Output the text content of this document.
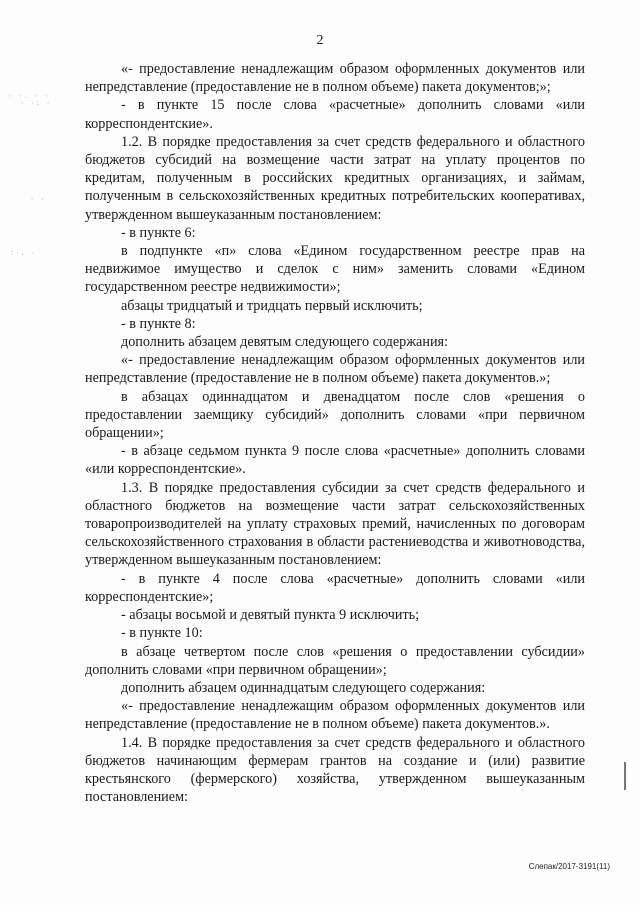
· ·. · ·
· ·: ·
· ·
:·. ·
2

«- предоставление ненадлежащим образом оформленных документов или непредставление (предоставление не в полном объеме) пакета документов;»;

- в пункте 15 после слова «расчетные» дополнить словами «или корреспондентские».

1.2. В порядке предоставления за счет средств федерального и областного бюджетов субсидий на возмещение части затрат на уплату процентов по кредитам, полученным в российских кредитных организациях, и займам, полученным в сельскохозяйственных кредитных потребительских кооперативах, утвержденном вышеуказанным постановлением:

- в пункте 6:

в подпункте «п» слова «Едином государственном реестре прав на недвижимое имущество и сделок с ним» заменить словами «Едином государственном реестре недвижимости»;

абзацы тридцатый и тридцать первый исключить;

- в пункте 8:

дополнить абзацем девятым следующего содержания:

«- предоставление ненадлежащим образом оформленных документов или непредставление (предоставление не в полном объеме) пакета документов.»;

в абзацах одиннадцатом и двенадцатом после слов «решения о предоставлении заемщику субсидий» дополнить словами «при первичном обращении»;

- в абзаце седьмом пункта 9 после слова «расчетные» дополнить словами «или корреспондентские».

1.3. В порядке предоставления субсидии за счет средств федерального и областного бюджетов на возмещение части затрат сельскохозяйственных товаропроизводителей на уплату страховых премий, начисленных по договорам сельскохозяйственного страхования в области растениеводства и животноводства, утвержденном вышеуказанным постановлением:

- в пункте 4 после слова «расчетные» дополнить словами «или корреспондентские»;

- абзацы восьмой и девятый пункта 9 исключить;

- в пункте 10:

в абзаце четвертом после слов «решения о предоставлении субсидии» дополнить словами «при первичном обращении»;

дополнить абзацем одиннадцатым следующего содержания:

«- предоставление ненадлежащим образом оформленных документов или непредставление (предоставление не в полном объеме) пакета документов.».

1.4. В порядке предоставления за счет средств федерального и областного бюджетов начинающим фермерам грантов на создание и (или) развитие крестьянского (фермерского) хозяйства, утвержденном вышеуказанным постановлением:

Слепак/2017-3191(11)
